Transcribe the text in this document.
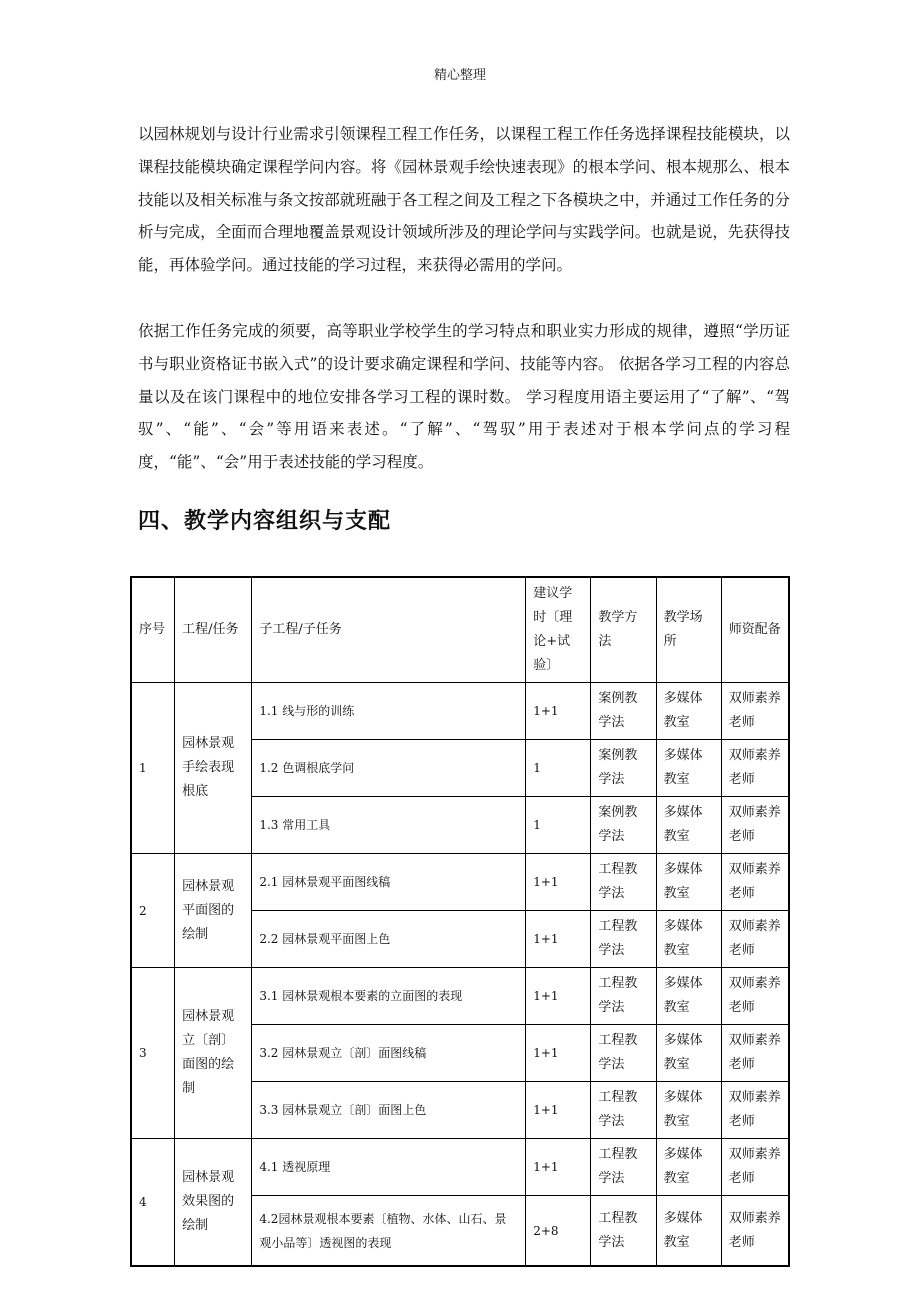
精心整理

以园林规划与设计行业需求引领课程工程工作任务，以课程工程工作任务选择课程技能模块，以课程技能模块确定课程学问内容。将《园林景观手绘快速表现》的根本学问、根本规那么、根本技能以及相关标准与条文按部就班融于各工程之间及工程之下各模块之中，并通过工作任务的分析与完成，全面而合理地覆盖景观设计领域所涉及的理论学问与实践学问。也就是说，先获得技能，再体验学问。通过技能的学习过程，来获得必需用的学问。

依据工作任务完成的须要，高等职业学校学生的学习特点和职业实力形成的规律，遵照“学历证书与职业资格证书嵌入式”的设计要求确定课程和学问、技能等内容。 依据各学习工程的内容总量以及在该门课程中的地位安排各学习工程的课时数。 学习程度用语主要运用了“了解”、“驾驭”、“能”、“会”等用语来表述。“了解”、“驾驭”用于表述对于根本学问点的学习程度，“能”、“会”用于表述技能的学习程度。

四、教学内容组织与支配
序号	工程/任务	子工程/子任务	建议学时〔理论+试验〕	教学方法	教学场所	师资配备
1	园林景观手绘表现根底	1.1 线与形的训练	1+1	案例教学法	多媒体教室	双师素养老师
		1.2 色调根底学问	1	案例教学法	多媒体教室	双师素养老师
		1.3 常用工具	1	案例教学法	多媒体教室	双师素养老师
2	园林景观平面图的绘制	2.1 园林景观平面图线稿	1+1	工程教学法	多媒体教室	双师素养老师
		2.2 园林景观平面图上色	1+1	工程教学法	多媒体教室	双师素养老师
3	园林景观立〔剖〕面图的绘制	3.1 园林景观根本要素的立面图的表现	1+1	工程教学法	多媒体教室	双师素养老师
		3.2 园林景观立〔剖〕面图线稿	1+1	工程教学法	多媒体教室	双师素养老师
		3.3 园林景观立〔剖〕面图上色	1+1	工程教学法	多媒体教室	双师素养老师
4	园林景观效果图的绘制	4.1 透视原理	1+1	工程教学法	多媒体教室	双师素养老师
		4.2园林景观根本要素〔植物、水体、山石、景观小品等〕透视图的表现	2+8	工程教学法	多媒体教室	双师素养老师
